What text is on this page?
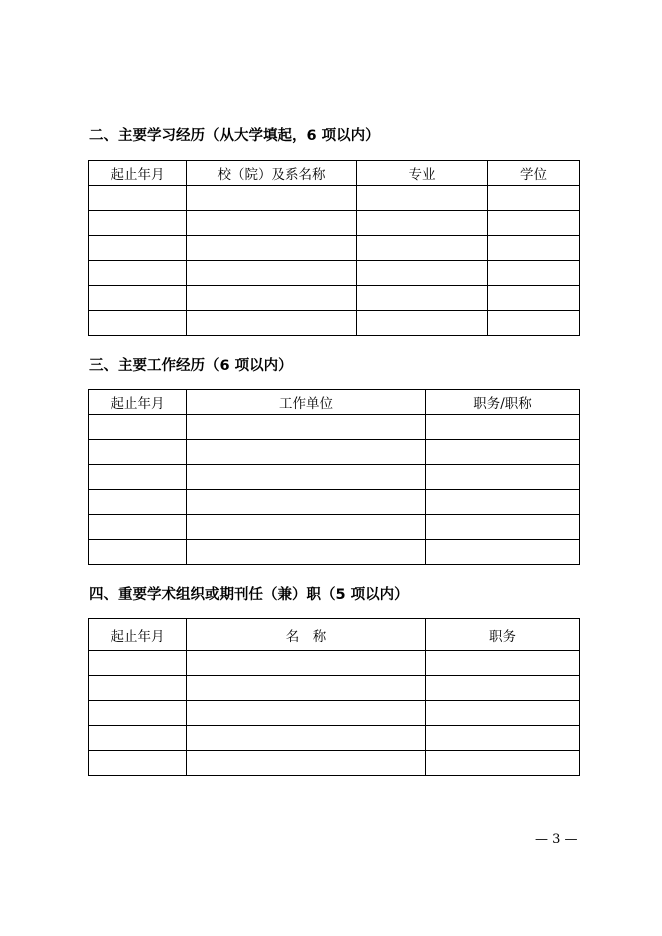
二、主要学习经历（从大学填起，6 项以内）
起止年月	校（院）及系名称	专业	学位

三、主要工作经历（6 项以内）
起止年月	工作单位	职务/职称

四、重要学术组织或期刊任（兼）职（5 项以内）
起止年月	名　称	职务

— 3 —
